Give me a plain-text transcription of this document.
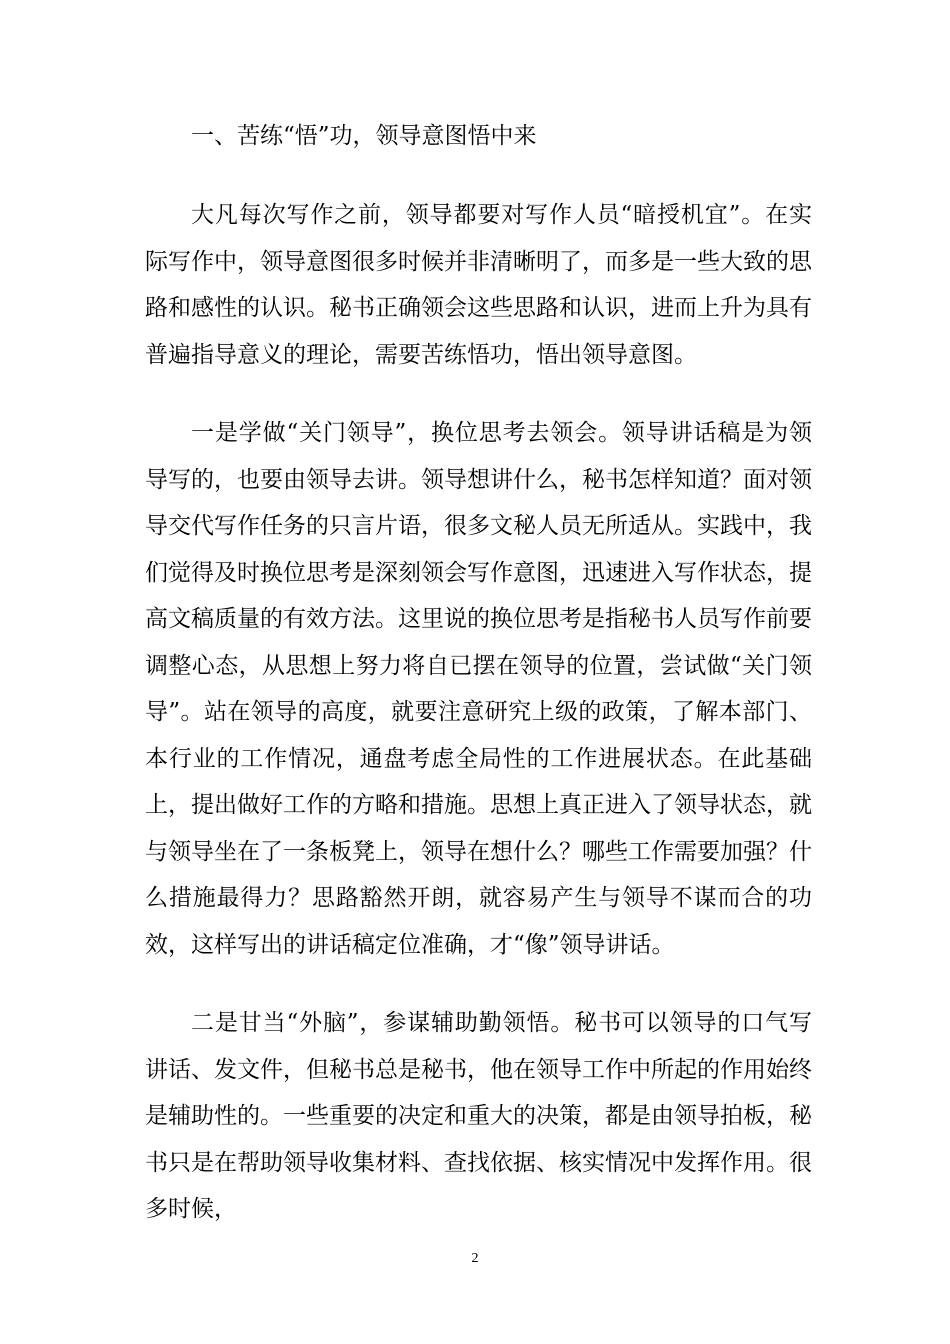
一、苦练“悟”功，领导意图悟中来

大凡每次写作之前，领导都要对写作人员“暗授机宜”。在实际写作中，领导意图很多时候并非清晰明了，而多是一些大致的思路和感性的认识。秘书正确领会这些思路和认识，进而上升为具有普遍指导意义的理论，需要苦练悟功，悟出领导意图。

一是学做“关门领导”，换位思考去领会。领导讲话稿是为领导写的，也要由领导去讲。领导想讲什么，秘书怎样知道？面对领导交代写作任务的只言片语，很多文秘人员无所适从。实践中，我们觉得及时换位思考是深刻领会写作意图，迅速进入写作状态，提高文稿质量的有效方法。这里说的换位思考是指秘书人员写作前要调整心态，从思想上努力将自已摆在领导的位置，尝试做“关门领导”。站在领导的高度，就要注意研究上级的政策，了解本部门、本行业的工作情况，通盘考虑全局性的工作进展状态。在此基础上，提出做好工作的方略和措施。思想上真正进入了领导状态，就与领导坐在了一条板凳上，领导在想什么？哪些工作需要加强？什么措施最得力？思路豁然开朗，就容易产生与领导不谋而合的功效，这样写出的讲话稿定位准确，才“像”领导讲话。

二是甘当“外脑”，参谋辅助勤领悟。秘书可以领导的口气写讲话、发文件，但秘书总是秘书，他在领导工作中所起的作用始终是辅助性的。一些重要的决定和重大的决策，都是由领导拍板，秘书只是在帮助领导收集材料、查找依据、核实情况中发挥作用。很多时候，

2
